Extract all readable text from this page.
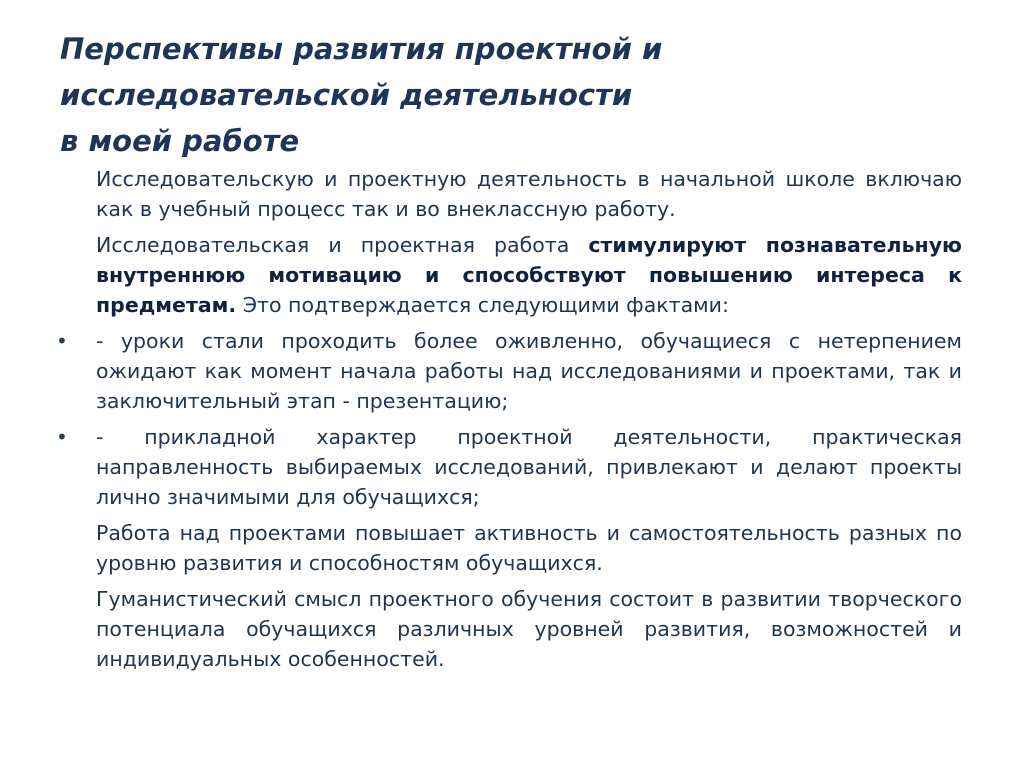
Перспективы развития проектной и
исследовательской деятельности
в моей работе

Исследовательскую и проектную деятельность в начальной школе включаю как в учебный процесс так и во внеклассную работу.

Исследовательская и проектная работа стимулируют познавательную внутреннюю мотивацию и способствуют повышению интереса к предметам. Это подтверждается следующими фактами:

• - уроки стали проходить более оживленно, обучащиеся с нетерпением ожидают как момент начала работы над исследованиями и проектами, так и заключительный этап - презентацию;

• - прикладной характер проектной деятельности, практическая направленность выбираемых исследований, привлекают и делают проекты лично значимыми для обучащихся;

Работа над проектами повышает активность и самостоятельность разных по уровню развития и способностям обучащихся.

Гуманистический смысл проектного обучения состоит в развитии творческого потенциала обучащихся различных уровней развития, возможностей и индивидуальных особенностей.
